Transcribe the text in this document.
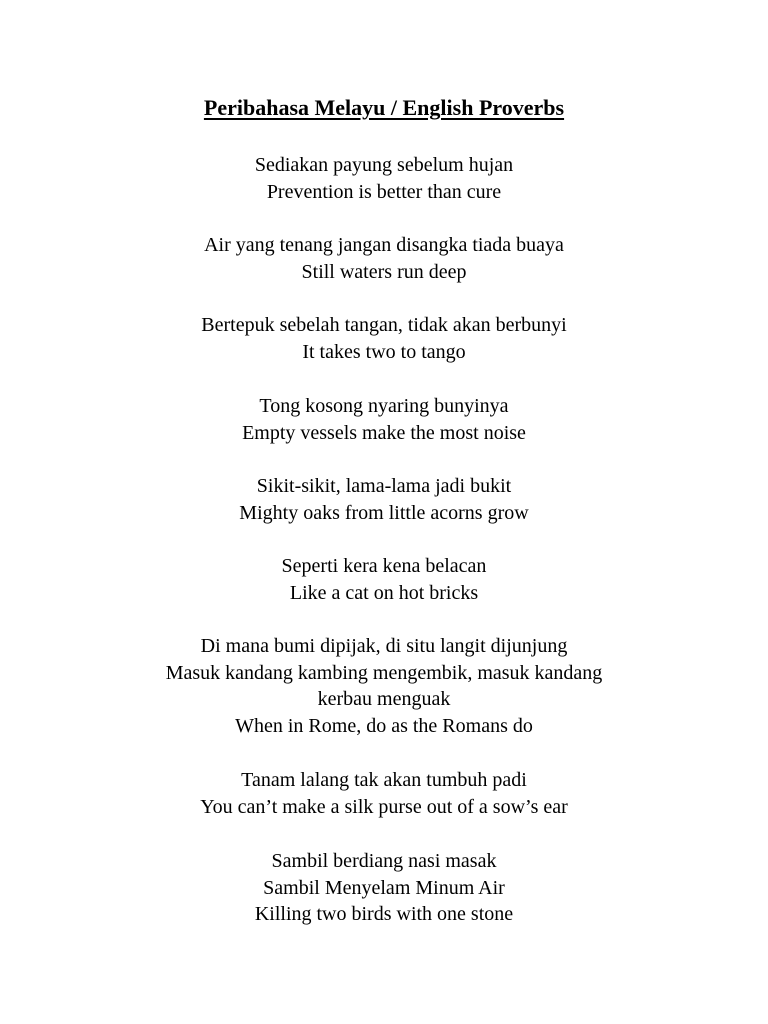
Peribahasa Melayu / English Proverbs
Sediakan payung sebelum hujan
Prevention is better than cure
Air yang tenang jangan disangka tiada buaya
Still waters run deep
Bertepuk sebelah tangan, tidak akan berbunyi
It takes two to tango
Tong kosong nyaring bunyinya
Empty vessels make the most noise
Sikit-sikit, lama-lama jadi bukit
Mighty oaks from little acorns grow
Seperti kera kena belacan
Like a cat on hot bricks
Di mana bumi dipijak, di situ langit dijunjung
Masuk kandang kambing mengembik, masuk kandang
kerbau menguak
When in Rome, do as the Romans do
Tanam lalang tak akan tumbuh padi
You can’t make a silk purse out of a sow’s ear
Sambil berdiang nasi masak
Sambil Menyelam Minum Air
Killing two birds with one stone
